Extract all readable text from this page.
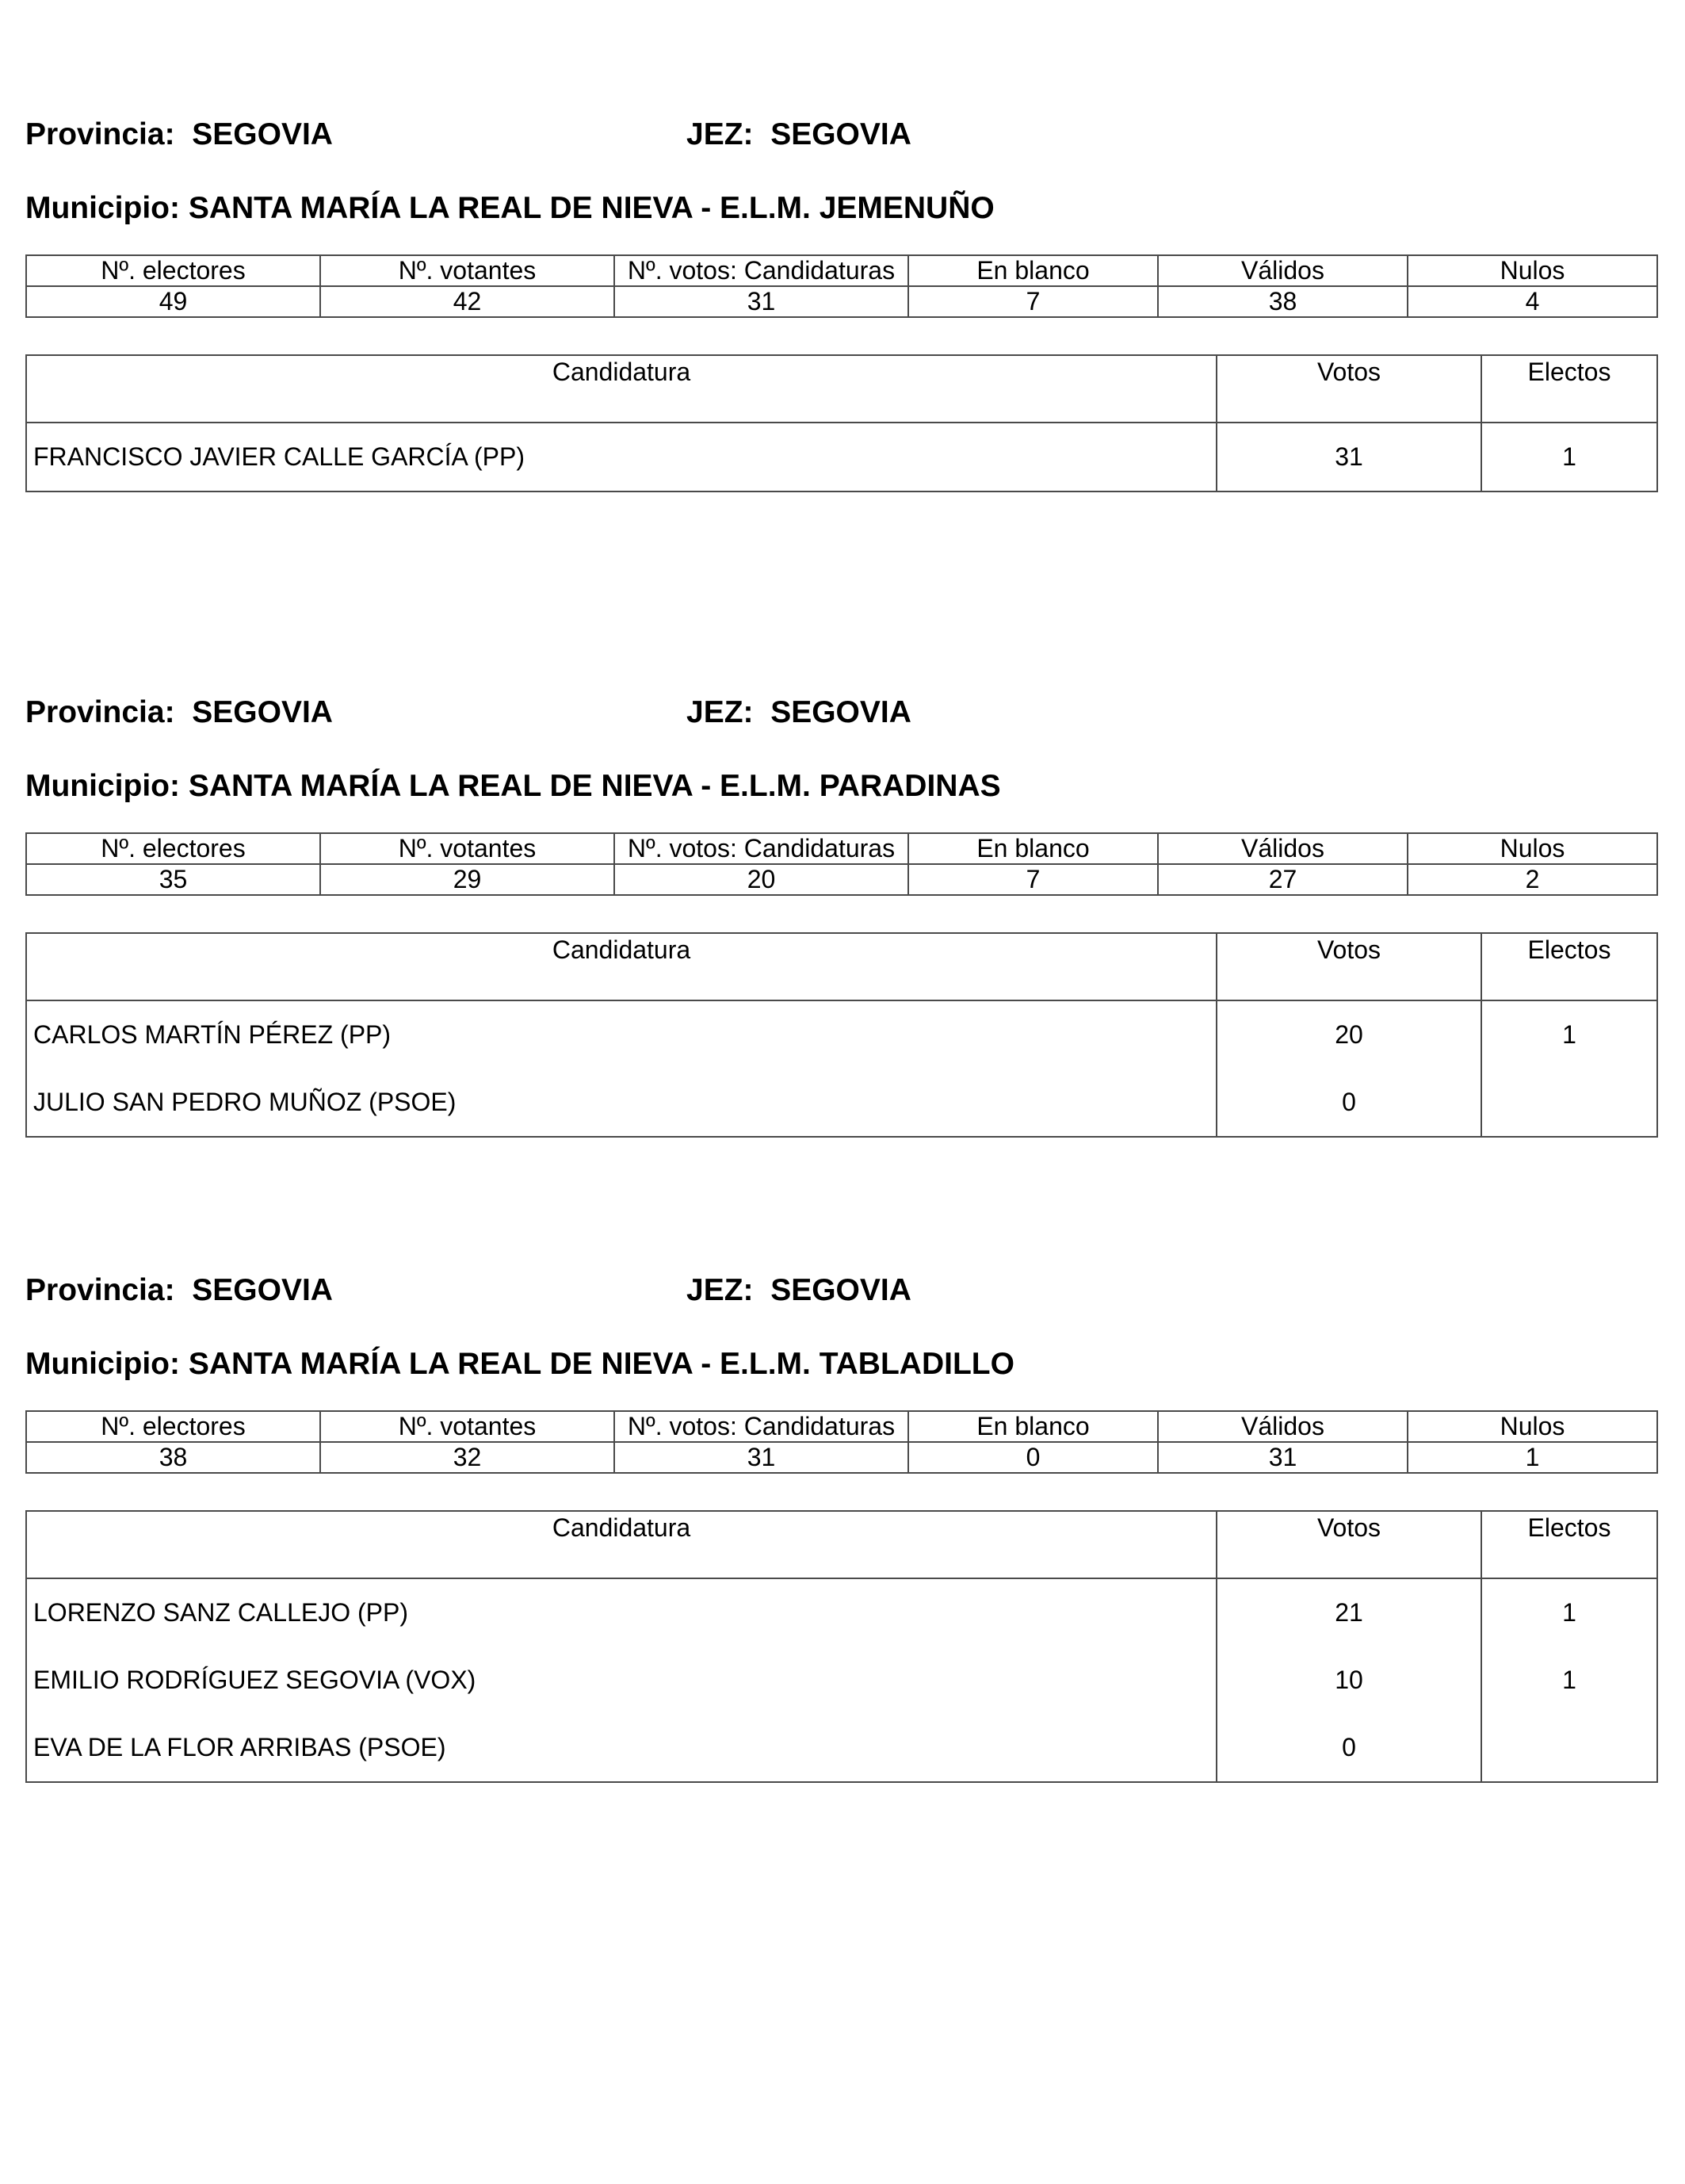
Provincia: SEGOVIA	JEZ: SEGOVIA
Municipio: SANTA MARÍA LA REAL DE NIEVA - E.L.M. JEMENUÑO
Nº. electores	Nº. votantes	Nº. votos: Candidaturas	En blanco	Válidos	Nulos
49	42	31	7	38	4
Candidatura	Votos	Electos
FRANCISCO JAVIER CALLE GARCÍA (PP)	31	1
Provincia: SEGOVIA	JEZ: SEGOVIA
Municipio: SANTA MARÍA LA REAL DE NIEVA - E.L.M. PARADINAS
Nº. electores	Nº. votantes	Nº. votos: Candidaturas	En blanco	Válidos	Nulos
35	29	20	7	27	2
Candidatura	Votos	Electos
CARLOS MARTÍN PÉREZ (PP)	20	1
JULIO SAN PEDRO MUÑOZ (PSOE)	0	
Provincia: SEGOVIA	JEZ: SEGOVIA
Municipio: SANTA MARÍA LA REAL DE NIEVA - E.L.M. TABLADILLO
Nº. electores	Nº. votantes	Nº. votos: Candidaturas	En blanco	Válidos	Nulos
38	32	31	0	31	1
Candidatura	Votos	Electos
LORENZO SANZ CALLEJO (PP)	21	1
EMILIO RODRÍGUEZ SEGOVIA (VOX)	10	1
EVA DE LA FLOR ARRIBAS (PSOE)	0	
